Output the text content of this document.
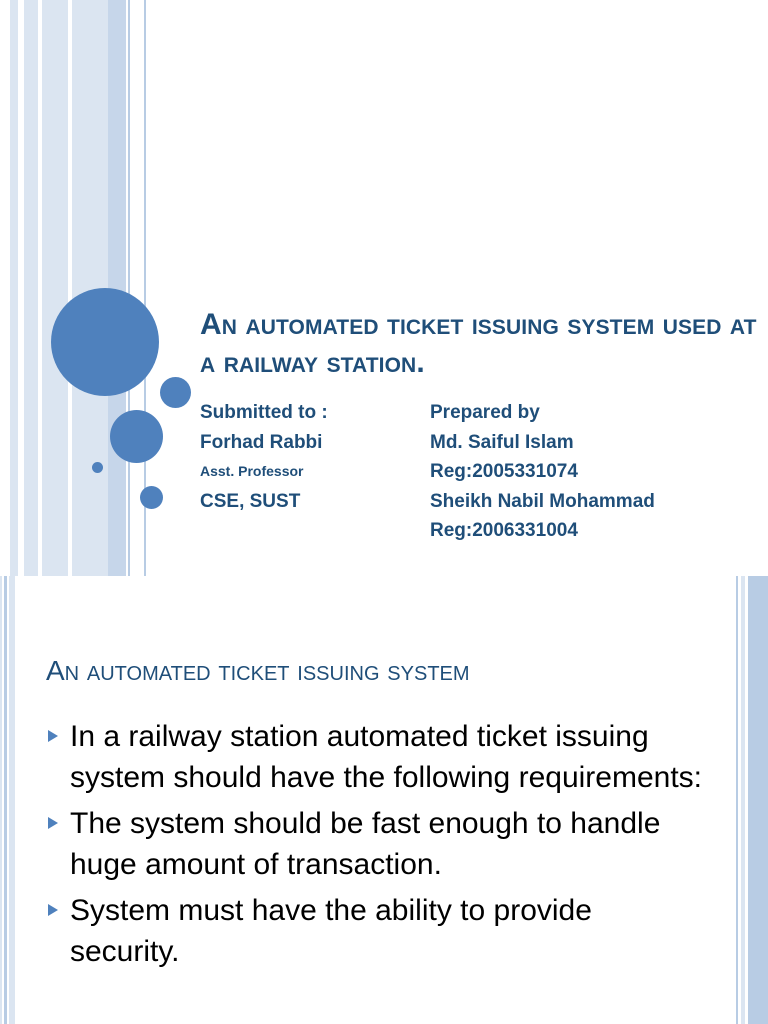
An automated ticket issuing system used at a railway station.
Submitted to :
Forhad Rabbi
Asst. Professor
CSE, SUST
Prepared by
Md. Saiful Islam
Reg:2005331074
Sheikh Nabil Mohammad
Reg:2006331004
An automated ticket issuing system
In a railway station automated ticket issuing system should have the following requirements:
The system should be fast enough to handle huge amount of transaction.
System must have the ability to provide security.
